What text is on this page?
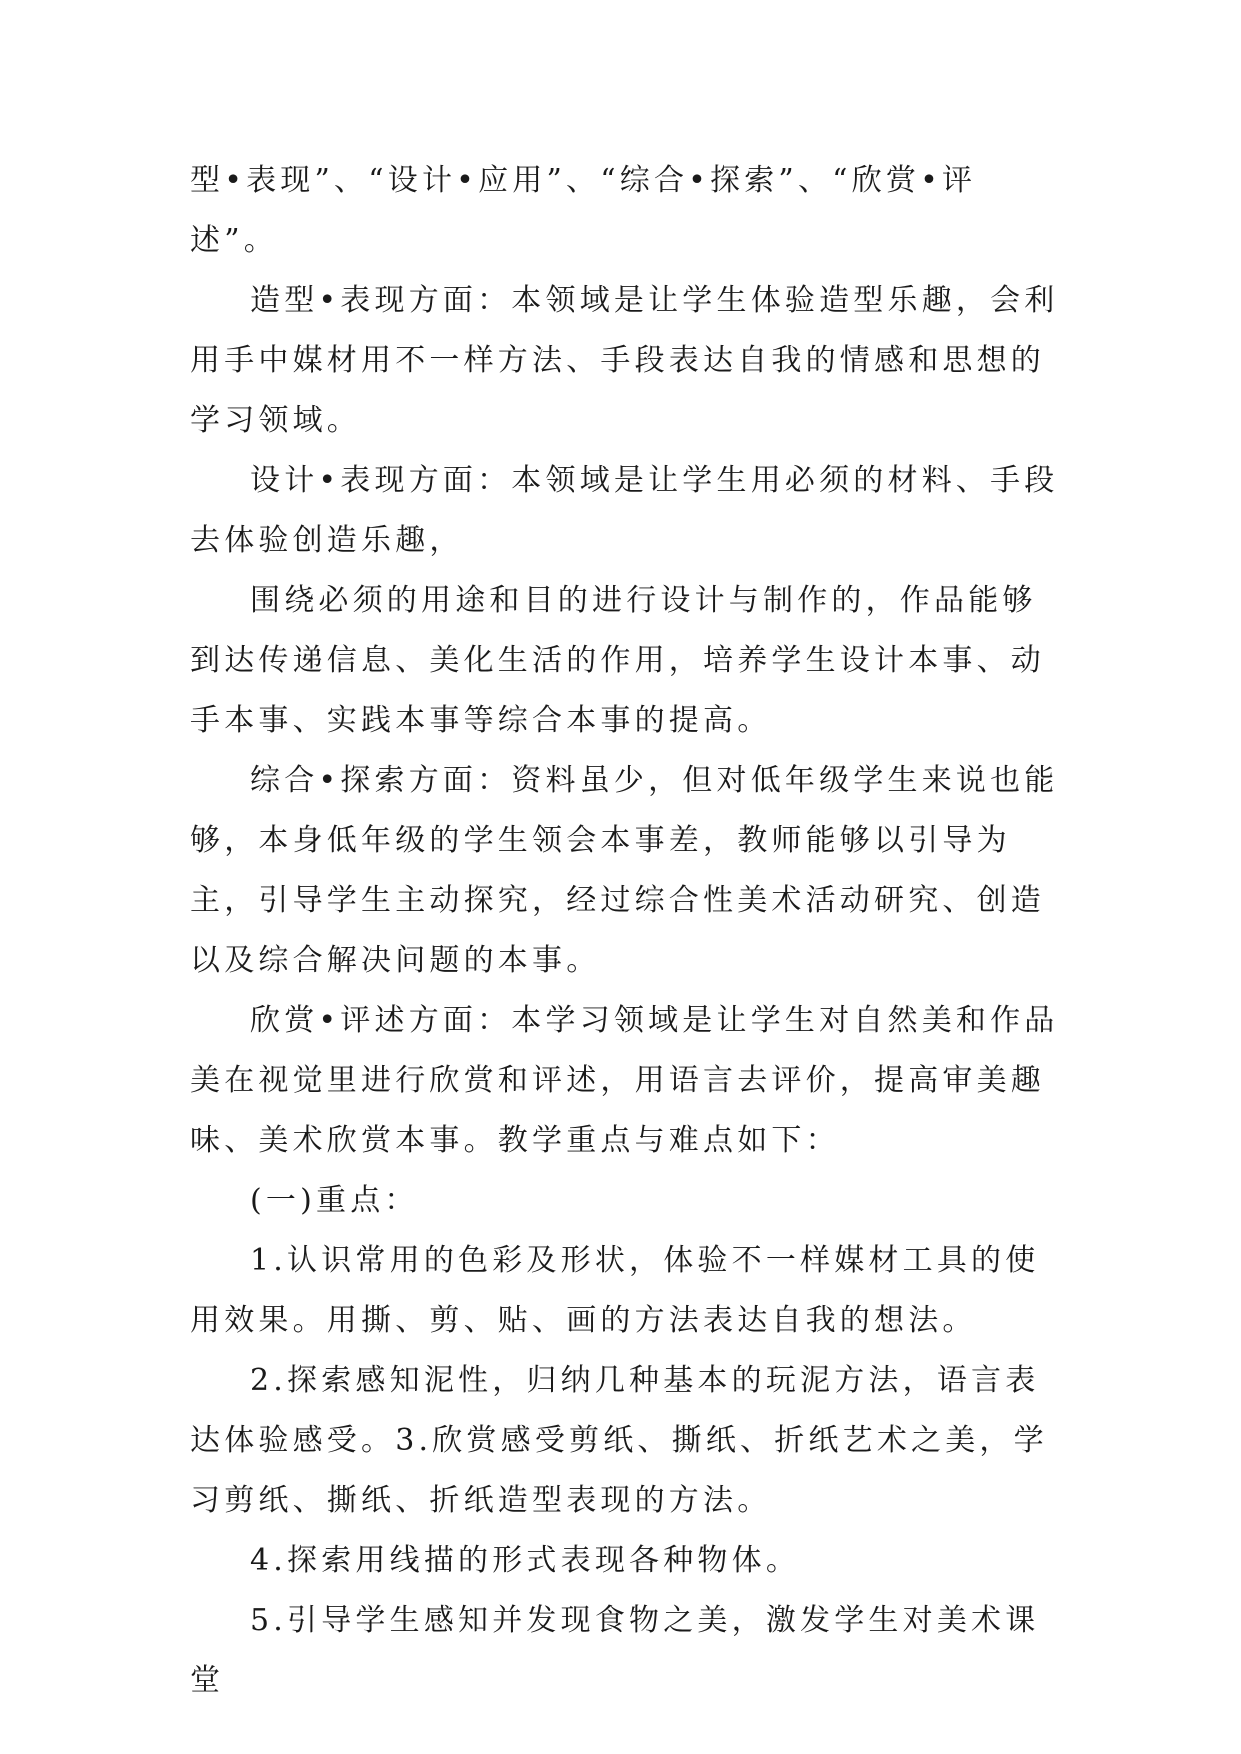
型•表现”、“设计•应用”、“综合•探索”、“欣赏•评述”。

造型•表现方面：本领域是让学生体验造型乐趣，会利用手中媒材用不一样方法、手段表达自我的情感和思想的学习领域。

设计•表现方面：本领域是让学生用必须的材料、手段去体验创造乐趣，

围绕必须的用途和目的进行设计与制作的，作品能够到达传递信息、美化生活的作用，培养学生设计本事、动手本事、实践本事等综合本事的提高。

综合•探索方面：资料虽少，但对低年级学生来说也能够，本身低年级的学生领会本事差，教师能够以引导为主，引导学生主动探究，经过综合性美术活动研究、创造以及综合解决问题的本事。

欣赏•评述方面：本学习领域是让学生对自然美和作品美在视觉里进行欣赏和评述，用语言去评价，提高审美趣味、美术欣赏本事。教学重点与难点如下：

(一)重点：

1.认识常用的色彩及形状，体验不一样媒材工具的使用效果。用撕、剪、贴、画的方法表达自我的想法。

2.探索感知泥性，归纳几种基本的玩泥方法，语言表达体验感受。3.欣赏感受剪纸、撕纸、折纸艺术之美，学习剪纸、撕纸、折纸造型表现的方法。

4.探索用线描的形式表现各种物体。

5.引导学生感知并发现食物之美，激发学生对美术课堂
